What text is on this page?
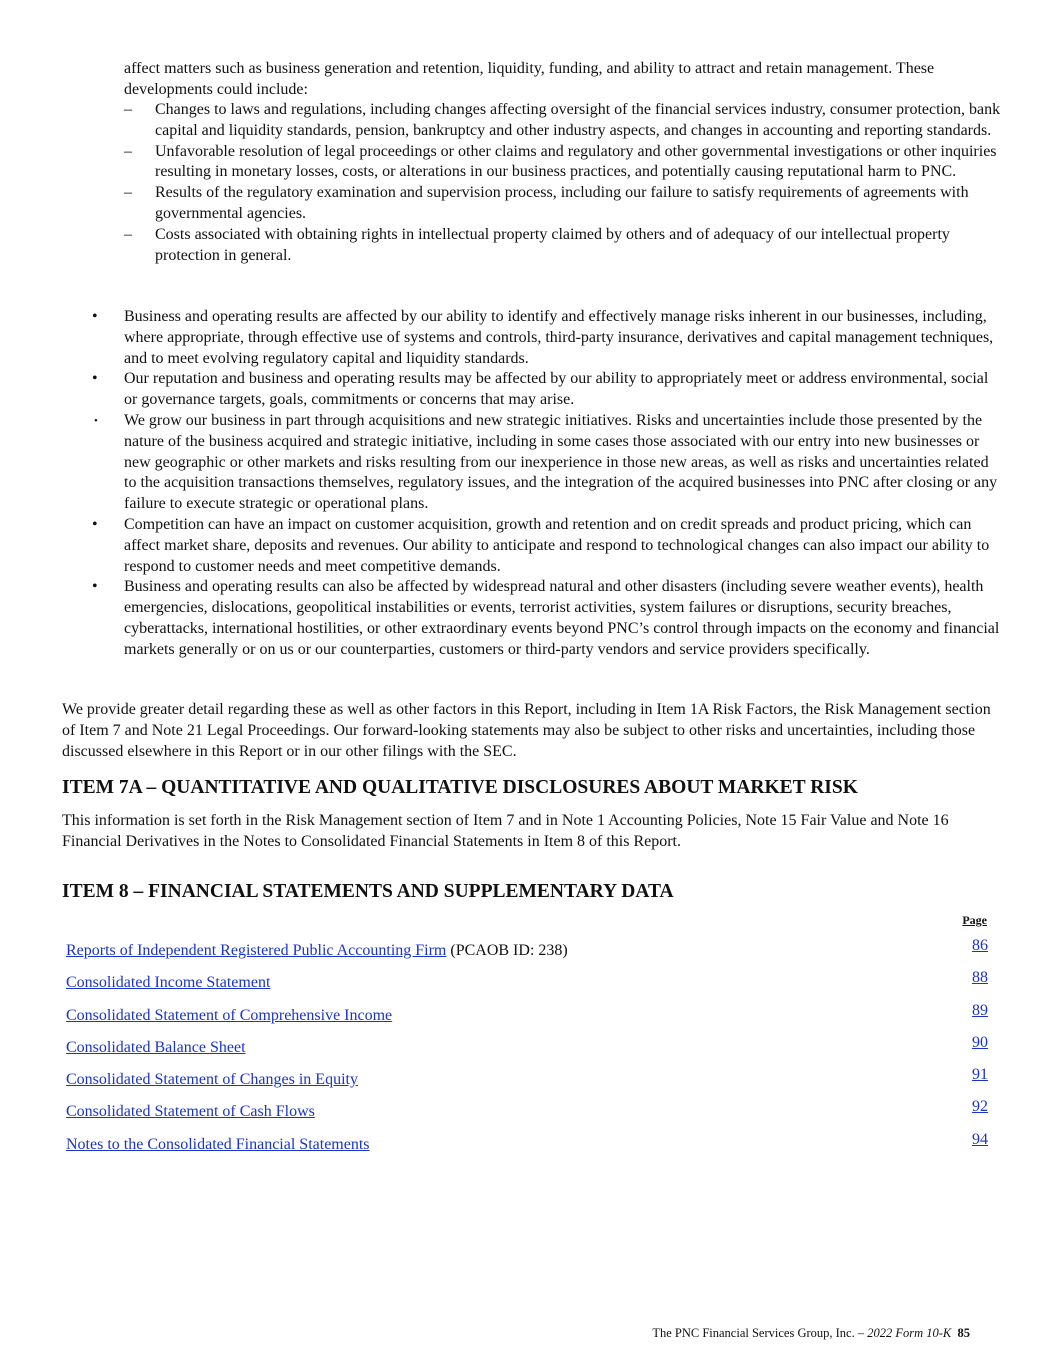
affect matters such as business generation and retention, liquidity, funding, and ability to attract and retain management. These developments could include:

– Changes to laws and regulations, including changes affecting oversight of the financial services industry, consumer protection, bank capital and liquidity standards, pension, bankruptcy and other industry aspects, and changes in accounting and reporting standards.
– Unfavorable resolution of legal proceedings or other claims and regulatory and other governmental investigations or other inquiries resulting in monetary losses, costs, or alterations in our business practices, and potentially causing reputational harm to PNC.
– Results of the regulatory examination and supervision process, including our failure to satisfy requirements of agreements with governmental agencies.
– Costs associated with obtaining rights in intellectual property claimed by others and of adequacy of our intellectual property protection in general.
• Business and operating results are affected by our ability to identify and effectively manage risks inherent in our businesses, including, where appropriate, through effective use of systems and controls, third-party insurance, derivatives and capital management techniques, and to meet evolving regulatory capital and liquidity standards.
• Our reputation and business and operating results may be affected by our ability to appropriately meet or address environmental, social or governance targets, goals, commitments or concerns that may arise.
• We grow our business in part through acquisitions and new strategic initiatives. Risks and uncertainties include those presented by the nature of the business acquired and strategic initiative, including in some cases those associated with our entry into new businesses or new geographic or other markets and risks resulting from our inexperience in those new areas, as well as risks and uncertainties related to the acquisition transactions themselves, regulatory issues, and the integration of the acquired businesses into PNC after closing or any failure to execute strategic or operational plans.
• Competition can have an impact on customer acquisition, growth and retention and on credit spreads and product pricing, which can affect market share, deposits and revenues. Our ability to anticipate and respond to technological changes can also impact our ability to respond to customer needs and meet competitive demands.
• Business and operating results can also be affected by widespread natural and other disasters (including severe weather events), health emergencies, dislocations, geopolitical instabilities or events, terrorist activities, system failures or disruptions, security breaches, cyberattacks, international hostilities, or other extraordinary events beyond PNC’s control through impacts on the economy and financial markets generally or on us or our counterparties, customers or third-party vendors and service providers specifically.

We provide greater detail regarding these as well as other factors in this Report, including in Item 1A Risk Factors, the Risk Management section of Item 7 and Note 21 Legal Proceedings. Our forward-looking statements may also be subject to other risks and uncertainties, including those discussed elsewhere in this Report or in our other filings with the SEC.

ITEM 7A – QUANTITATIVE AND QUALITATIVE DISCLOSURES ABOUT MARKET RISK

This information is set forth in the Risk Management section of Item 7 and in Note 1 Accounting Policies, Note 15 Fair Value and Note 16 Financial Derivatives in the Notes to Consolidated Financial Statements in Item 8 of this Report.

ITEM 8 – FINANCIAL STATEMENTS AND SUPPLEMENTARY DATA
Page
Reports of Independent Registered Public Accounting Firm (PCAOB ID: 238)	86
Consolidated Income Statement	88
Consolidated Statement of Comprehensive Income	89
Consolidated Balance Sheet	90
Consolidated Statement of Changes in Equity	91
Consolidated Statement of Cash Flows	92
Notes to the Consolidated Financial Statements	94
The PNC Financial Services Group, Inc. – 2022 Form 10-K 85
